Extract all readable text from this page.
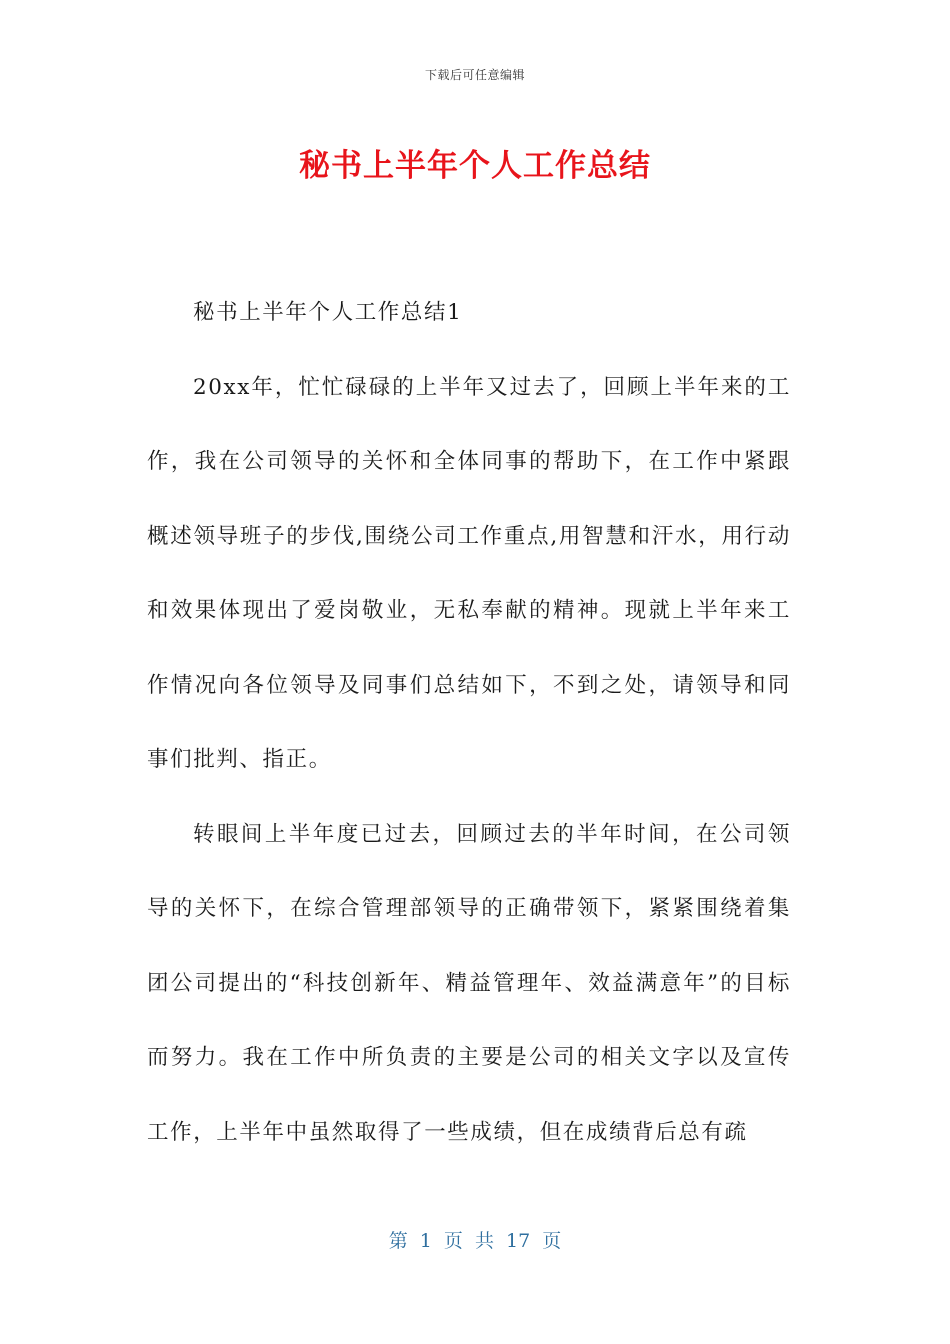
下载后可任意编辑
秘书上半年个人工作总结

秘书上半年个人工作总结1

20xx年，忙忙碌碌的上半年又过去了，回顾上半年来的工作，我在公司领导的关怀和全体同事的帮助下，在工作中紧跟概述领导班子的步伐,围绕公司工作重点,用智慧和汗水，用行动和效果体现出了爱岗敬业，无私奉献的精神。现就上半年来工作情况向各位领导及同事们总结如下，不到之处，请领导和同事们批判、指正。

转眼间上半年度已过去，回顾过去的半年时间，在公司领导的关怀下，在综合管理部领导的正确带领下，紧紧围绕着集团公司提出的“科技创新年、精益管理年、效益满意年”的目标而努力。我在工作中所负责的主要是公司的相关文字以及宣传工作，上半年中虽然取得了一些成绩，但在成绩背后总有疏

第 1 页 共 17 页
